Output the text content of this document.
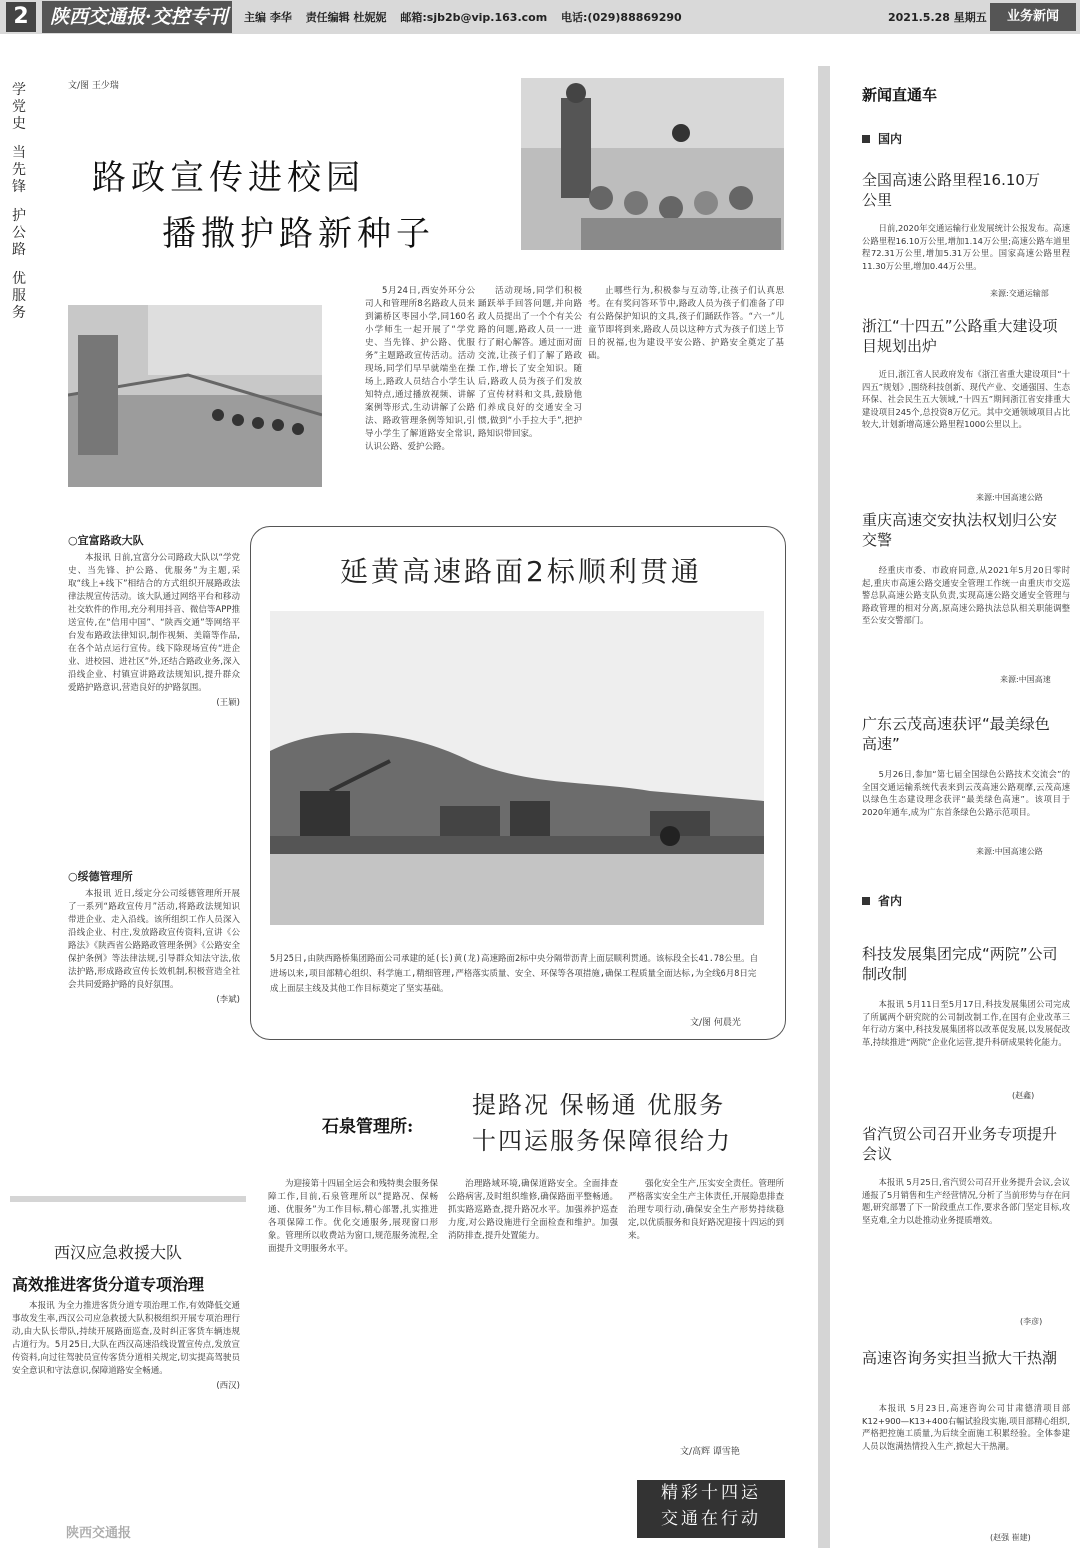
2	陕西交通报·交控专刊	主编 李华 责任编辑 杜妮妮 邮箱:sjb2b@vip.163.com 电话:(029)88869290	2021.5.28 星期五	业务新闻
学党史
当先锋
护公路
优服务
文/图 王少瑞
路政宣传进校园
播撒护路新种子

5月24日,西安外环分公司人和管理所8名路政人员来到灞桥区枣园小学,同160名小学师生一起开展了“学党史、当先锋、护公路、优服务”主题路政宣传活动。活动现场,同学们早早就端坐在操场上,路政人员结合小学生认知特点,通过播放视频、讲解案例等形式,生动讲解了公路法、路政管理条例等知识,引导小学生了解道路安全常识,认识公路、爱护公路。

活动现场,同学们积极踊跃举手回答问题,并向路政人员提出了一个个有关公路的问题,路政人员一一进行了耐心解答。通过面对面交流,让孩子们了解了路政工作,增长了安全知识。随后,路政人员为孩子们发放了宣传材料和文具,鼓励他们养成良好的交通安全习惯,做到“小手拉大手”,把护路知识带回家。

止哪些行为,积极参与互动等,让孩子们认真思考。在有奖问答环节中,路政人员为孩子们准备了印有公路保护知识的文具,孩子们踊跃作答。“六一”儿童节即将到来,路政人员以这种方式为孩子们送上节日的祝福,也为建设平安公路、护路安全奠定了基础。

○宜富路政大队

本报讯 日前,宜富分公司路政大队以“学党史、当先锋、护公路、优服务”为主题,采取“线上+线下”相结合的方式组织开展路政法律法规宣传活动。该大队通过网络平台和移动社交软件的作用,充分利用抖音、微信等APP推送宣传,在“信用中国”、“陕西交通”等网络平台发布路政法律知识,制作视频、美篇等作品,在各个站点运行宣传。线下除现场宣传“进企业、进校园、进社区”外,还结合路政业务,深入沿线企业、村镇宣讲路政法规知识,提升群众爱路护路意识,营造良好的护路氛围。

(王颖)

○绥德管理所

本报讯 近日,绥定分公司绥德管理所开展了一系列“路政宣传月”活动,将路政法规知识带进企业、走入沿线。该所组织工作人员深入沿线企业、村庄,发放路政宣传资料,宣讲《公路法》《陕西省公路路政管理条例》《公路安全保护条例》等法律法规,引导群众知法守法,依法护路,形成路政宣传长效机制,积极营造全社会共同爱路护路的良好氛围。

(李斌)

延黄高速路面2标顺利贯通
5月25日,由陕西路桥集团路面公司承建的延(长)黄(龙)高速路面2标中央分隔带沥青上面层顺利贯通。该标段全长41.78公里。自进场以来,项目部精心组织、科学施工,精细管理,严格落实质量、安全、环保等各项措施,确保工程质量全面达标,为全线6月8日完成上面层主线及其他工作目标奠定了坚实基础。
文/图 何晨光
西汉应急救援大队
高效推进客货分道专项治理

本报讯 为全力推进客货分道专项治理工作,有效降低交通事故发生率,西汉公司应急救援大队积极组织开展专项治理行动,由大队长带队,持续开展路面巡查,及时纠正客货车辆违规占道行为。5月25日,大队在西汉高速沿线设置宣传点,发放宣传资料,向过往驾驶员宣传客货分道相关规定,切实提高驾驶员安全意识和守法意识,保障道路安全畅通。

(西汉)

陕西交通报
石泉管理所:
提路况 保畅通 优服务
十四运服务保障很给力

为迎接第十四届全运会和残特奥会服务保障工作,目前,石泉管理所以“提路况、保畅通、优服务”为工作目标,精心部署,扎实推进各项保障工作。优化交通服务,展现窗口形象。管理所以收费站为窗口,规范服务流程,全面提升文明服务水平。

治理路域环境,确保道路安全。全面排查公路病害,及时组织维修,确保路面平整畅通。抓实路巡路查,提升路况水平。加强养护巡查力度,对公路设施进行全面检查和维护。加强消防排查,提升处置能力。

强化安全生产,压实安全责任。管理所严格落实安全生产主体责任,开展隐患排查治理专项行动,确保安全生产形势持续稳定,以优质服务和良好路况迎接十四运的到来。

文/高辉 谭雪艳
精彩十四运
交通在行动
新闻直通车
国内
全国高速公路里程16.10万公里

日前,2020年交通运输行业发展统计公报发布。高速公路里程16.10万公里,增加1.14万公里;高速公路车道里程72.31万公里,增加5.31万公里。国家高速公路里程11.30万公里,增加0.44万公里。

来源:交通运输部
浙江“十四五”公路重大建设项目规划出炉

近日,浙江省人民政府发布《浙江省重大建设项目“十四五”规划》,围绕科技创新、现代产业、交通强国、生态环保、社会民生五大领域,“十四五”期间浙江省安排重大建设项目245个,总投资8万亿元。其中交通领域项目占比较大,计划新增高速公路里程1000公里以上。

来源:中国高速公路
重庆高速交安执法权划归公安交警

经重庆市委、市政府同意,从2021年5月20日零时起,重庆市高速公路交通安全管理工作统一由重庆市交巡警总队高速公路支队负责,实现高速公路交通安全管理与路政管理的相对分离,原高速公路执法总队相关职能调整至公安交警部门。

来源:中国高速
广东云茂高速获评“最美绿色高速”

5月26日,参加“第七届全国绿色公路技术交流会”的全国交通运输系统代表来到云茂高速公路观摩,云茂高速以绿色生态建设理念获评“最美绿色高速”。该项目于2020年通车,成为广东首条绿色公路示范项目。

来源:中国高速公路
省内
科技发展集团完成“两院”公司制改制

本报讯 5月11日至5月17日,科技发展集团公司完成了所属两个研究院的公司制改制工作,在国有企业改革三年行动方案中,科技发展集团将以改革促发展,以发展促改革,持续推进“两院”企业化运营,提升科研成果转化能力。

(赵鑫)
省汽贸公司召开业务专项提升会议

本报讯 5月25日,省汽贸公司召开业务提升会议,会议通报了5月销售和生产经营情况,分析了当前形势与存在问题,研究部署了下一阶段重点工作,要求各部门坚定目标,攻坚克难,全力以赴推动业务提质增效。

(李彦)
高速咨询务实担当掀大干热潮

本报讯 5月23日,高速咨询公司甘肃德清项目部K12+900—K13+400右幅试验段实施,项目部精心组织,严格把控施工质量,为后续全面施工积累经验。全体参建人员以饱满热情投入生产,掀起大干热潮。

(赵强 崔建)
